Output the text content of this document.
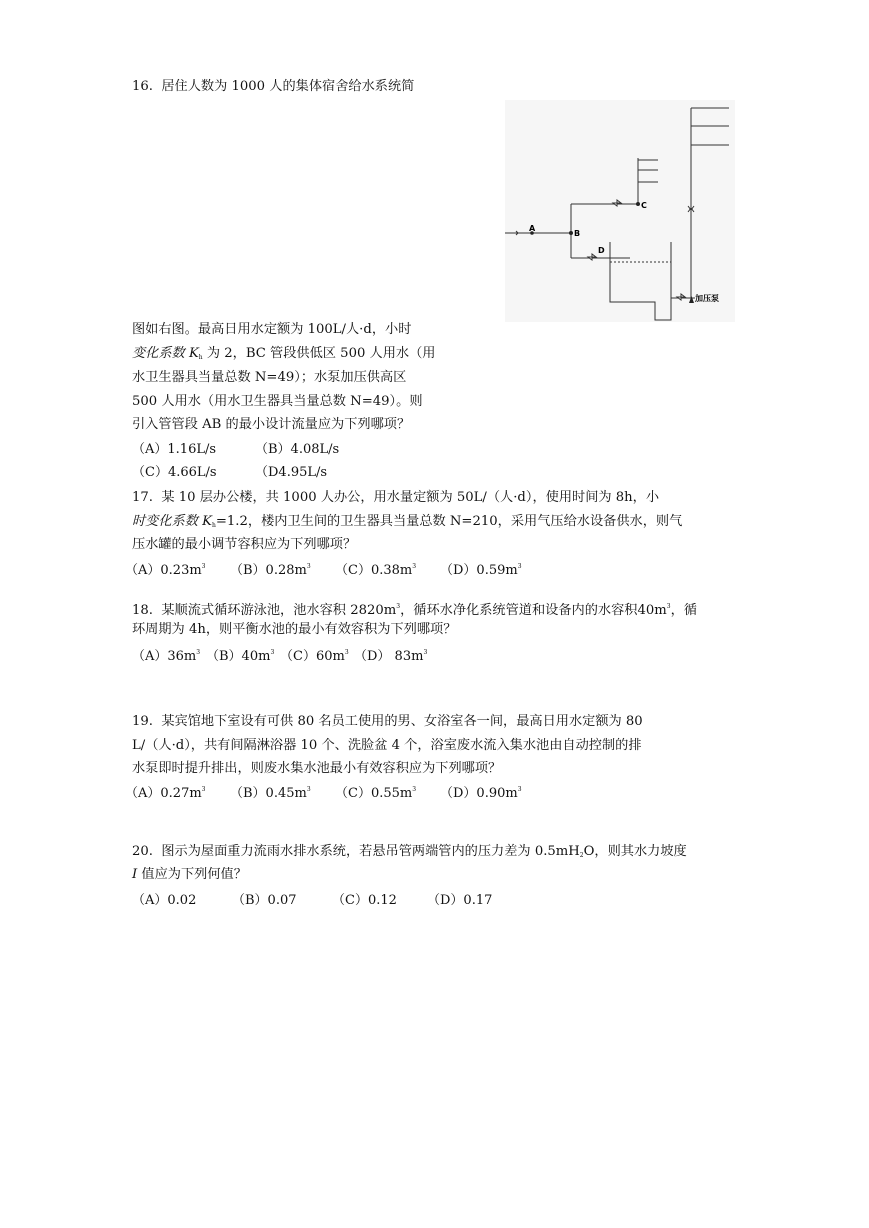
16. 居住人数为 1000 人的集体宿舍给水系统简
A
B
C
D
加压泵
图如右图。最高日用水定额为 100L/人·d，小时
变化系数 $K_h$ 为 2，BC 管段供低区 500 人用水（用
水卫生器具当量总数 N=49）；水泵加压供高区
500 人用水（用水卫生器具当量总数 N=49）。则
引入管管段 AB 的最小设计流量应为下列哪项？
（A）1.16L/s	（B）4.08L/s
（C）4.66L/s	（D4.95L/s
17. 某 10 层办公楼，共 1000 人办公，用水量定额为 50L/（人·d），使用时间为 8h，小
时变化系数 $K_h=1.2$，楼内卫生间的卫生器具当量总数 N=210，采用气压给水设备供水，则气
压水罐的最小调节容积应为下列哪项？
$(A)0.23m^3$ $(B)0.28m^3$ $(C)0.38m^3$ $(D)0.59m^3$
18. 某顺流式循环游泳池，池水容积 $2820m^3$，循环水净化系统管道和设备内的水容积$40m^3$，循
环周期为 4h，则平衡水池的最小有效容积为下列哪项？
$(A)36m^3$ $(B)40m^3$ $(C)60m^3$ （D） $83m^3$
19. 某宾馆地下室设有可供 80 名员工使用的男、女浴室各一间，最高日用水定额为 80
L/（人·d），共有间隔淋浴器 10 个、洗脸盆 4 个，浴室废水流入集水池由自动控制的排
水泵即时提升排出，则废水集水池最小有效容积应为下列哪项？
$(A)0.27m^3$ $(B)0.45m^3$ $(C)0.55m^3$ $(D)0.90m^3$
20. 图示为屋面重力流雨水排水系统，若悬吊管两端管内的压力差为 $0.5mH_2O$，则其水力坡度
I 值应为下列何值？
（A）0.02	（B）0.07	（C）0.12 （D）0.17
